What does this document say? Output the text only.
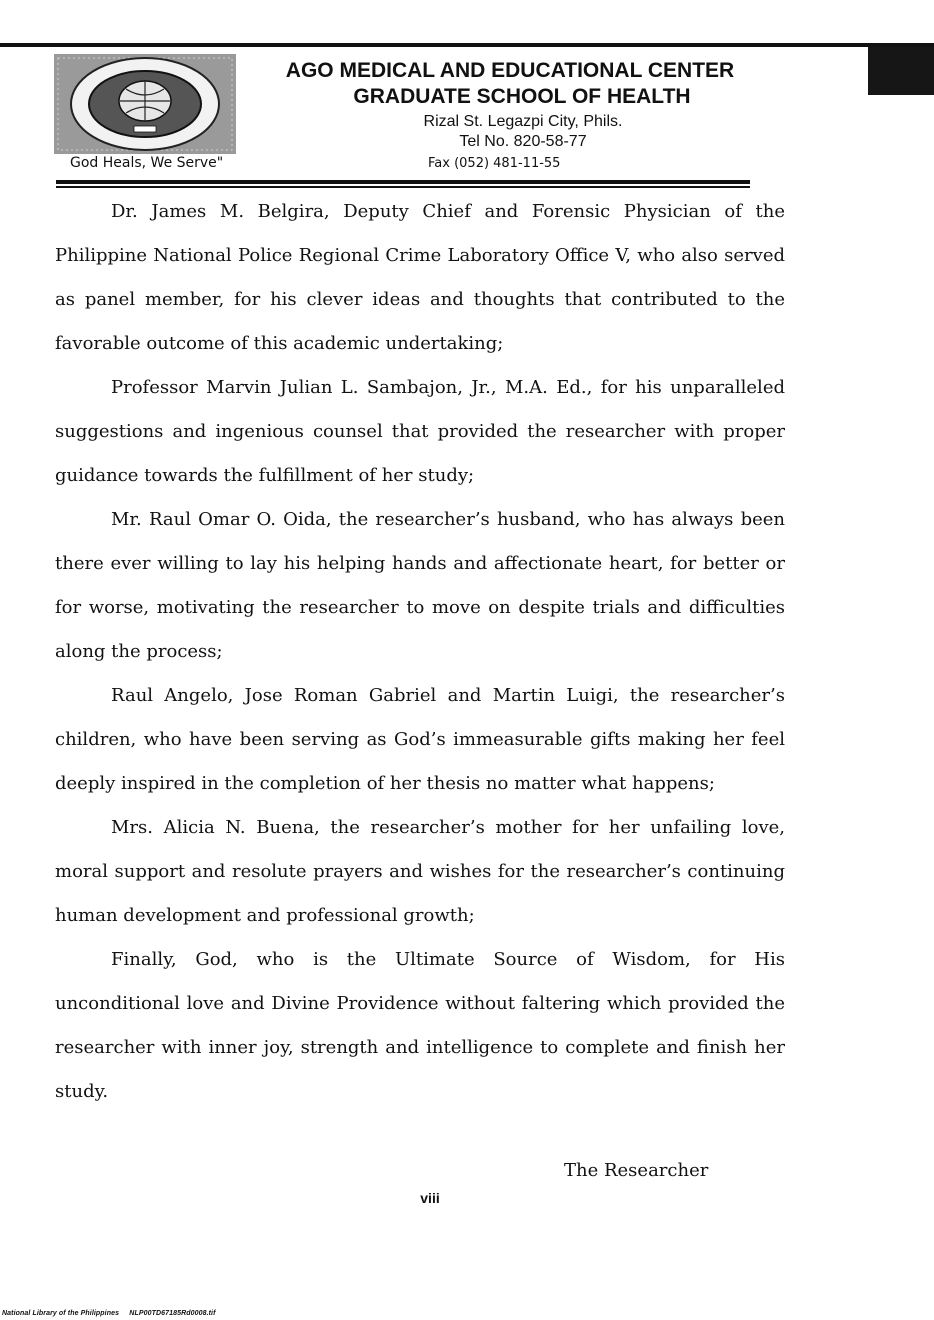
God Heals, We Serve"
AGO MEDICAL AND EDUCATIONAL CENTER
GRADUATE SCHOOL OF HEALTH
Rizal St. Legazpi City, Phils.
Tel No. 820-58-77
Fax (052) 481-11-55

Dr. James M. Belgira, Deputy Chief and Forensic Physician of the Philippine National Police Regional Crime Laboratory Office V, who also served as panel member, for his clever ideas and thoughts that contributed to the favorable outcome of this academic undertaking;

Professor Marvin Julian L. Sambajon, Jr., M.A. Ed., for his unparalleled suggestions and ingenious counsel that provided the researcher with proper guidance towards the fulfillment of her study;

Mr. Raul Omar O. Oida, the researcher’s husband, who has always been there ever willing to lay his helping hands and affectionate heart, for better or for worse, motivating the researcher to move on despite trials and difficulties along the process;

Raul Angelo, Jose Roman Gabriel and Martin Luigi, the researcher’s children, who have been serving as God’s immeasurable gifts making her feel deeply inspired in the completion of her thesis no matter what happens;

Mrs. Alicia N. Buena, the researcher’s mother for her unfailing love, moral support and resolute prayers and wishes for the researcher’s continuing human development and professional growth;

Finally, God, who is the Ultimate Source of Wisdom, for His unconditional love and Divine Providence without faltering which provided the researcher with inner joy, strength and intelligence to complete and finish her study.

The Researcher
viii
National Library of the Philippines     NLP00TD67185Rd0008.tif
